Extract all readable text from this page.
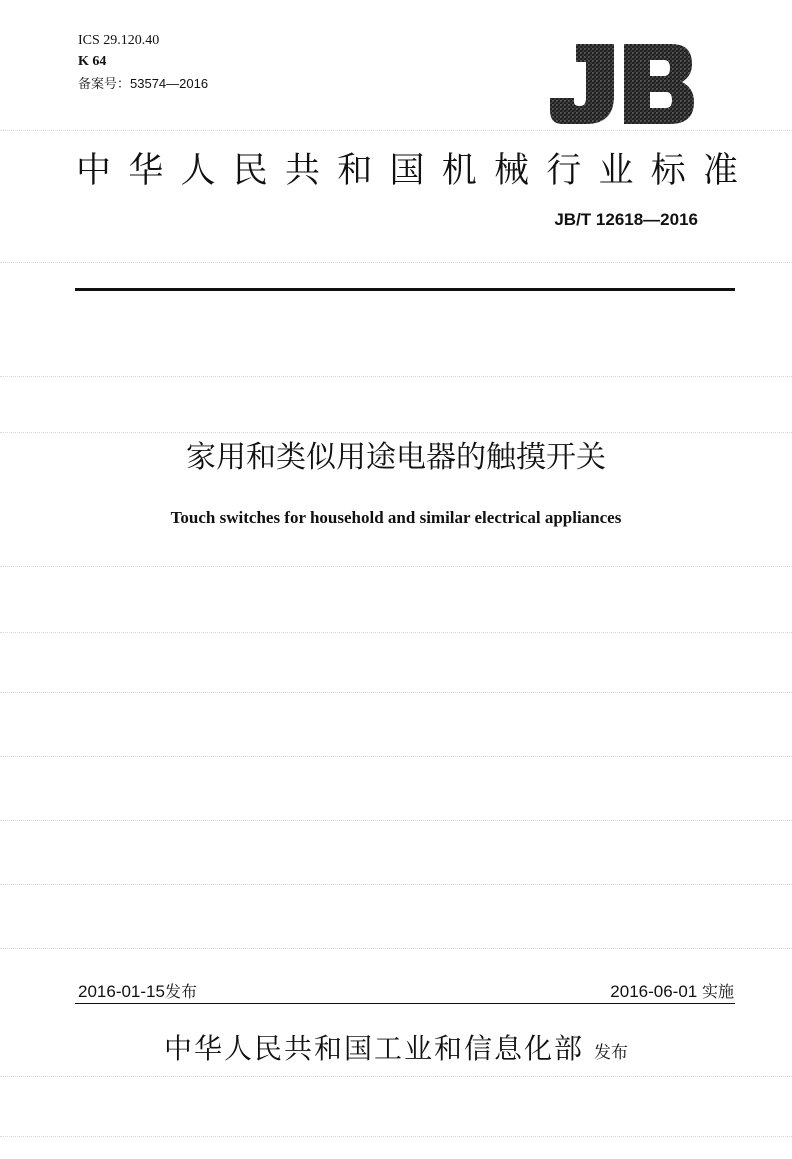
ICS 29.120.40
K 64
备案号：53574—2016
中华人民共和国机械行业标准
JB/T 12618—2016
家用和类似用途电器的触摸开关
Touch switches for household and similar electrical appliances
2016-01-15发布	2016-06-01 实施
中华人民共和国工业和信息化部 发布
